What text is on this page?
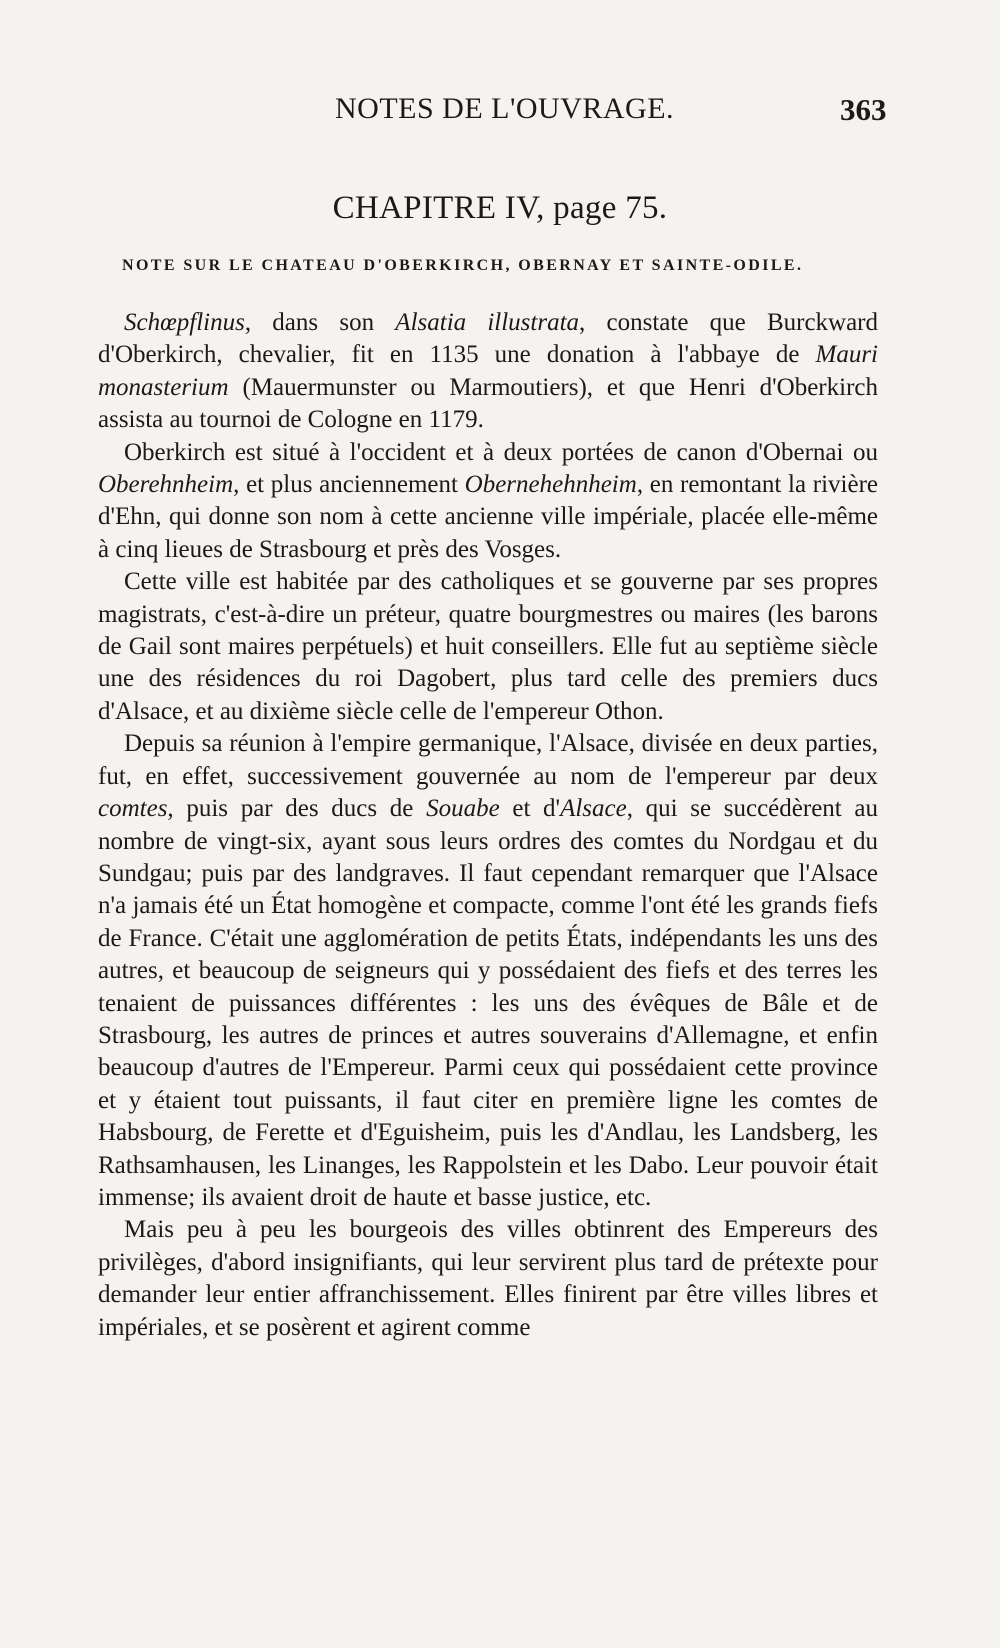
NOTES DE L'OUVRAGE.	363
CHAPITRE IV, page 75.
NOTE SUR LE CHATEAU D'OBERKIRCH, OBERNAY ET SAINTE-ODILE.

Schœpflinus, dans son Alsatia illustrata, constate que Burckward d'Oberkirch, chevalier, fit en 1135 une donation à l'abbaye de Mauri monasterium (Mauermunster ou Marmoutiers), et que Henri d'Oberkirch assista au tournoi de Cologne en 1179.

Oberkirch est situé à l'occident et à deux portées de canon d'Obernai ou Oberehnheim, et plus anciennement Obernehehnheim, en remontant la rivière d'Ehn, qui donne son nom à cette ancienne ville impériale, placée elle-même à cinq lieues de Strasbourg et près des Vosges.

Cette ville est habitée par des catholiques et se gouverne par ses propres magistrats, c'est-à-dire un préteur, quatre bourgmestres ou maires (les barons de Gail sont maires perpétuels) et huit conseillers. Elle fut au septième siècle une des résidences du roi Dagobert, plus tard celle des premiers ducs d'Alsace, et au dixième siècle celle de l'empereur Othon.

Depuis sa réunion à l'empire germanique, l'Alsace, divisée en deux parties, fut, en effet, successivement gouvernée au nom de l'empereur par deux comtes, puis par des ducs de Souabe et d'Alsace, qui se succédèrent au nombre de vingt-six, ayant sous leurs ordres des comtes du Nordgau et du Sundgau; puis par des landgraves. Il faut cependant remarquer que l'Alsace n'a jamais été un État homogène et compacte, comme l'ont été les grands fiefs de France. C'était une agglomération de petits États, indépendants les uns des autres, et beaucoup de seigneurs qui y possédaient des fiefs et des terres les tenaient de puissances différentes : les uns des évêques de Bâle et de Strasbourg, les autres de princes et autres souverains d'Allemagne, et enfin beaucoup d'autres de l'Empereur. Parmi ceux qui possédaient cette province et y étaient tout puissants, il faut citer en première ligne les comtes de Habsbourg, de Ferette et d'Eguisheim, puis les d'Andlau, les Landsberg, les Rathsamhausen, les Linanges, les Rappolstein et les Dabo. Leur pouvoir était immense; ils avaient droit de haute et basse justice, etc.

Mais peu à peu les bourgeois des villes obtinrent des Empereurs des privilèges, d'abord insignifiants, qui leur servirent plus tard de prétexte pour demander leur entier affranchissement. Elles finirent par être villes libres et impériales, et se posèrent et agirent comme
